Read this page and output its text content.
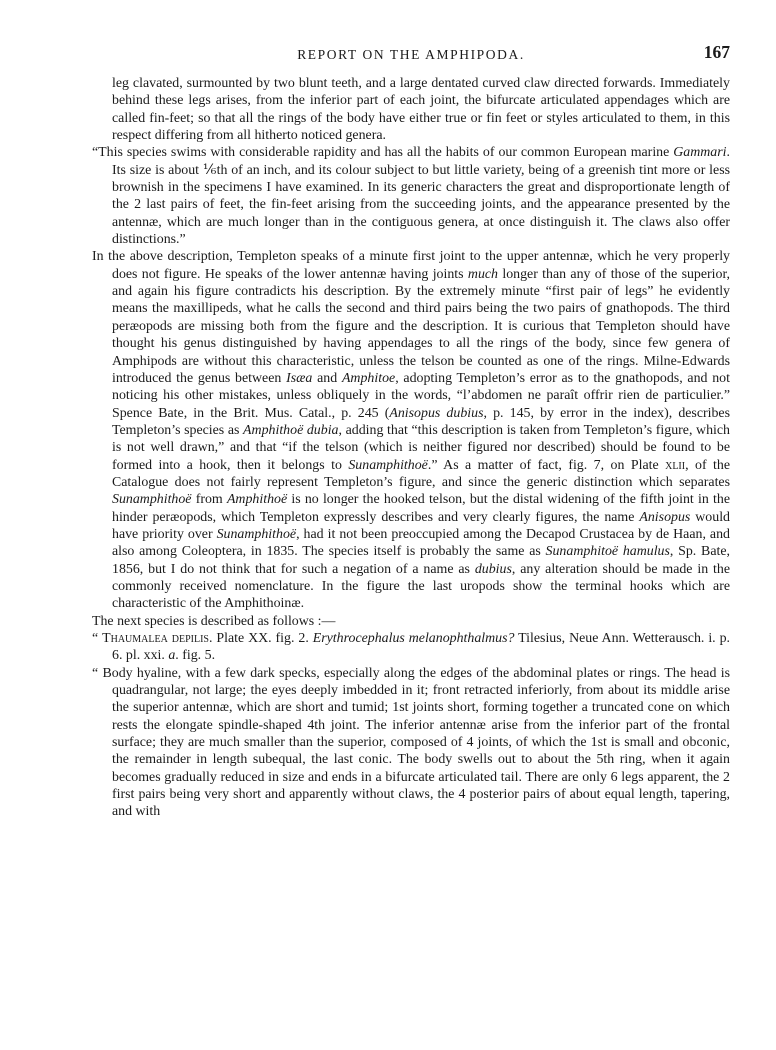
REPORT ON THE AMPHIPODA.	167

leg clavated, surmounted by two blunt teeth, and a large dentated curved claw directed forwards. Immediately behind these legs arises, from the inferior part of each joint, the bifurcate articulated appendages which are called fin-feet; so that all the rings of the body have either true or fin feet or styles articulated to them, in this respect differing from all hitherto noticed genera.

“This species swims with considerable rapidity and has all the habits of our common European marine Gammari. Its size is about ⅙th of an inch, and its colour subject to but little variety, being of a greenish tint more or less brownish in the specimens I have examined. In its generic characters the great and disproportionate length of the 2 last pairs of feet, the fin-feet arising from the succeeding joints, and the appearance presented by the antennæ, which are much longer than in the contiguous genera, at once distinguish it. The claws also offer distinctions.”

In the above description, Templeton speaks of a minute first joint to the upper antennæ, which he very properly does not figure. He speaks of the lower antennæ having joints much longer than any of those of the superior, and again his figure contradicts his description. By the extremely minute “first pair of legs” he evidently means the maxillipeds, what he calls the second and third pairs being the two pairs of gnathopods. The third peræopods are missing both from the figure and the description. It is curious that Templeton should have thought his genus distinguished by having appendages to all the rings of the body, since few genera of Amphipods are without this characteristic, unless the telson be counted as one of the rings. Milne-Edwards introduced the genus between Isæa and Amphitoe, adopting Templeton’s error as to the gnathopods, and not noticing his other mistakes, unless obliquely in the words, “l’abdomen ne paraît offrir rien de particulier.” Spence Bate, in the Brit. Mus. Catal., p. 245 (Anisopus dubius, p. 145, by error in the index), describes Templeton’s species as Amphithoë dubia, adding that “this description is taken from Templeton’s figure, which is not well drawn,” and that “if the telson (which is neither figured nor described) should be found to be formed into a hook, then it belongs to Sunamphithoë.” As a matter of fact, fig. 7, on Plate xlii, of the Catalogue does not fairly represent Templeton’s figure, and since the generic distinction which separates Sunamphithoë from Amphithoë is no longer the hooked telson, but the distal widening of the fifth joint in the hinder peræopods, which Templeton expressly describes and very clearly figures, the name Anisopus would have priority over Sunamphithoë, had it not been preoccupied among the Decapod Crustacea by de Haan, and also among Coleoptera, in 1835. The species itself is probably the same as Sunamphitoë hamulus, Sp. Bate, 1856, but I do not think that for such a negation of a name as dubius, any alteration should be made in the commonly received nomenclature. In the figure the last uropods show the terminal hooks which are characteristic of the Amphithoinæ.

The next species is described as follows :—

“ Thaumalea depilis. Plate XX. fig. 2. Erythrocephalus melanophthalmus? Tilesius, Neue Ann. Wetterausch. i. p. 6. pl. xxi. a. fig. 5.

“ Body hyaline, with a few dark specks, especially along the edges of the abdominal plates or rings. The head is quadrangular, not large; the eyes deeply imbedded in it; front retracted inferiorly, from about its middle arise the superior antennæ, which are short and tumid; 1st joints short, forming together a truncated cone on which rests the elongate spindle-shaped 4th joint. The inferior antennæ arise from the inferior part of the frontal surface; they are much smaller than the superior, composed of 4 joints, of which the 1st is small and obconic, the remainder in length subequal, the last conic. The body swells out to about the 5th ring, when it again becomes gradually reduced in size and ends in a bifurcate articulated tail. There are only 6 legs apparent, the 2 first pairs being very short and apparently without claws, the 4 posterior pairs of about equal length, tapering, and with
